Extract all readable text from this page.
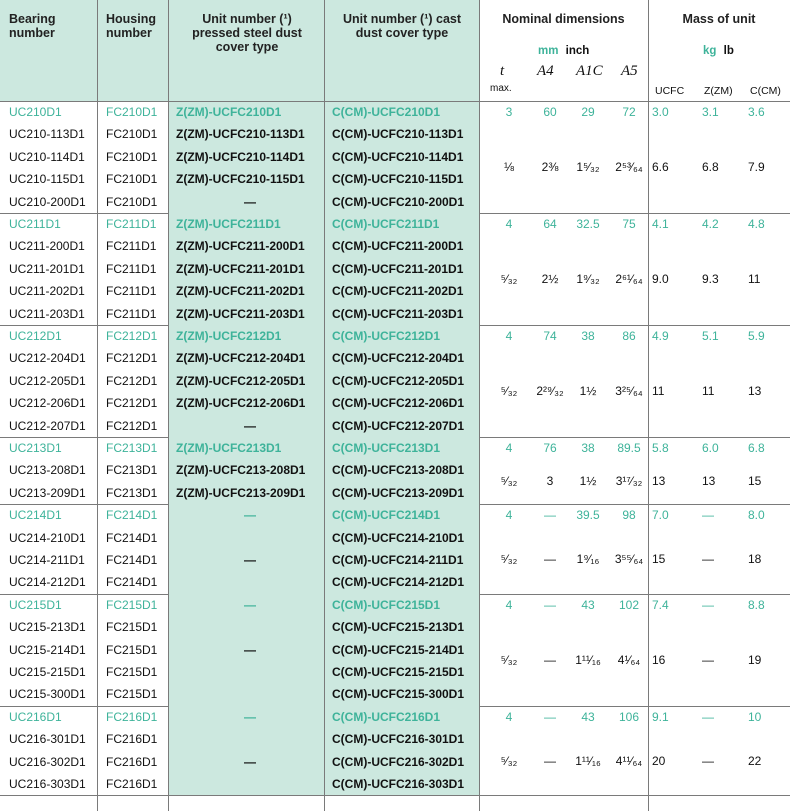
Bearing number
Housing number
Unit number (¹) pressed steel dust cover type
Unit number (¹) cast dust cover type
Nominal dimensions	Mass of unit
mm inch	kg lb
t
max.
A4 A1C A5
UCFC Z(ZM) C(CM)
UC210D1	FC210D1 Z(ZM)-UCFC210D1	C(CM)-UCFC210D1	3	60	29	72	3.0	3.1	3.6
UC210-113D1 FC210D1 Z(ZM)-UCFC210-113D1	C(CM)-UCFC210-113D1
UC210-114D1 FC210D1 Z(ZM)-UCFC210-114D1	C(CM)-UCFC210-114D1
UC210-115D1 FC210D1 Z(ZM)-UCFC210-115D1	C(CM)-UCFC210-115D1
UC210-200D1 FC210D1	—	C(CM)-UCFC210-200D1
⅛	2⅜	1⁵⁄₃₂	2⁵³⁄₆₄ 6.6	6.8	7.9
UC211D1	FC211D1 Z(ZM)-UCFC211D1	C(CM)-UCFC211D1	4	64	32.5	75	4.1	4.2	4.8
UC211-200D1 FC211D1 Z(ZM)-UCFC211-200D1	C(CM)-UCFC211-200D1
UC211-201D1 FC211D1 Z(ZM)-UCFC211-201D1	C(CM)-UCFC211-201D1
UC211-202D1 FC211D1 Z(ZM)-UCFC211-202D1	C(CM)-UCFC211-202D1
UC211-203D1 FC211D1 Z(ZM)-UCFC211-203D1	C(CM)-UCFC211-203D1
⁵⁄₃₂	2½	1⁹⁄₃₂	2⁶¹⁄₆₄ 9.0	9.3	11
UC212D1	FC212D1 Z(ZM)-UCFC212D1	C(CM)-UCFC212D1	4	74	38	86	4.9	5.1	5.9
UC212-204D1 FC212D1 Z(ZM)-UCFC212-204D1	C(CM)-UCFC212-204D1
UC212-205D1 FC212D1 Z(ZM)-UCFC212-205D1	C(CM)-UCFC212-205D1
UC212-206D1 FC212D1 Z(ZM)-UCFC212-206D1	C(CM)-UCFC212-206D1
UC212-207D1 FC212D1	—	C(CM)-UCFC212-207D1
⁵⁄₃₂	2²⁹⁄₃₂	1½	3²⁵⁄₆₄ 11	11	13
UC213D1	FC213D1 Z(ZM)-UCFC213D1	C(CM)-UCFC213D1	4	76	38	89.5 5.8	6.0	6.8
UC213-208D1 FC213D1 Z(ZM)-UCFC213-208D1	C(CM)-UCFC213-208D1
UC213-209D1 FC213D1 Z(ZM)-UCFC213-209D1	C(CM)-UCFC213-209D1
⁵⁄₃₂	3	1½	3¹⁷⁄₃₂ 13	13	15
UC214D1	FC214D1	—	C(CM)-UCFC214D1	4	—	39.5	98	7.0	—	8.0
UC214-210D1 FC214D1	C(CM)-UCFC214-210D1
UC214-211D1 FC214D1	—	C(CM)-UCFC214-211D1
UC214-212D1 FC214D1	C(CM)-UCFC214-212D1
⁵⁄₃₂	—	1⁹⁄₁₆	3⁵⁵⁄₆₄ 15	—	18
UC215D1	FC215D1	—	C(CM)-UCFC215D1	4	—	43	102	7.4	—	8.8
UC215-213D1 FC215D1	C(CM)-UCFC215-213D1
UC215-214D1 FC215D1	—	C(CM)-UCFC215-214D1
UC215-215D1 FC215D1	C(CM)-UCFC215-215D1
UC215-300D1 FC215D1	C(CM)-UCFC215-300D1
⁵⁄₃₂	—	1¹¹⁄₁₆	4¹⁄₆₄ 16	—	19
UC216D1	FC216D1	—	C(CM)-UCFC216D1	4	—	43	106	9.1	—	10
UC216-301D1 FC216D1	C(CM)-UCFC216-301D1
UC216-302D1 FC216D1	—	C(CM)-UCFC216-302D1
UC216-303D1 FC216D1	C(CM)-UCFC216-303D1
⁵⁄₃₂	—	1¹¹⁄₁₆	4¹¹⁄₆₄ 20	—	22
